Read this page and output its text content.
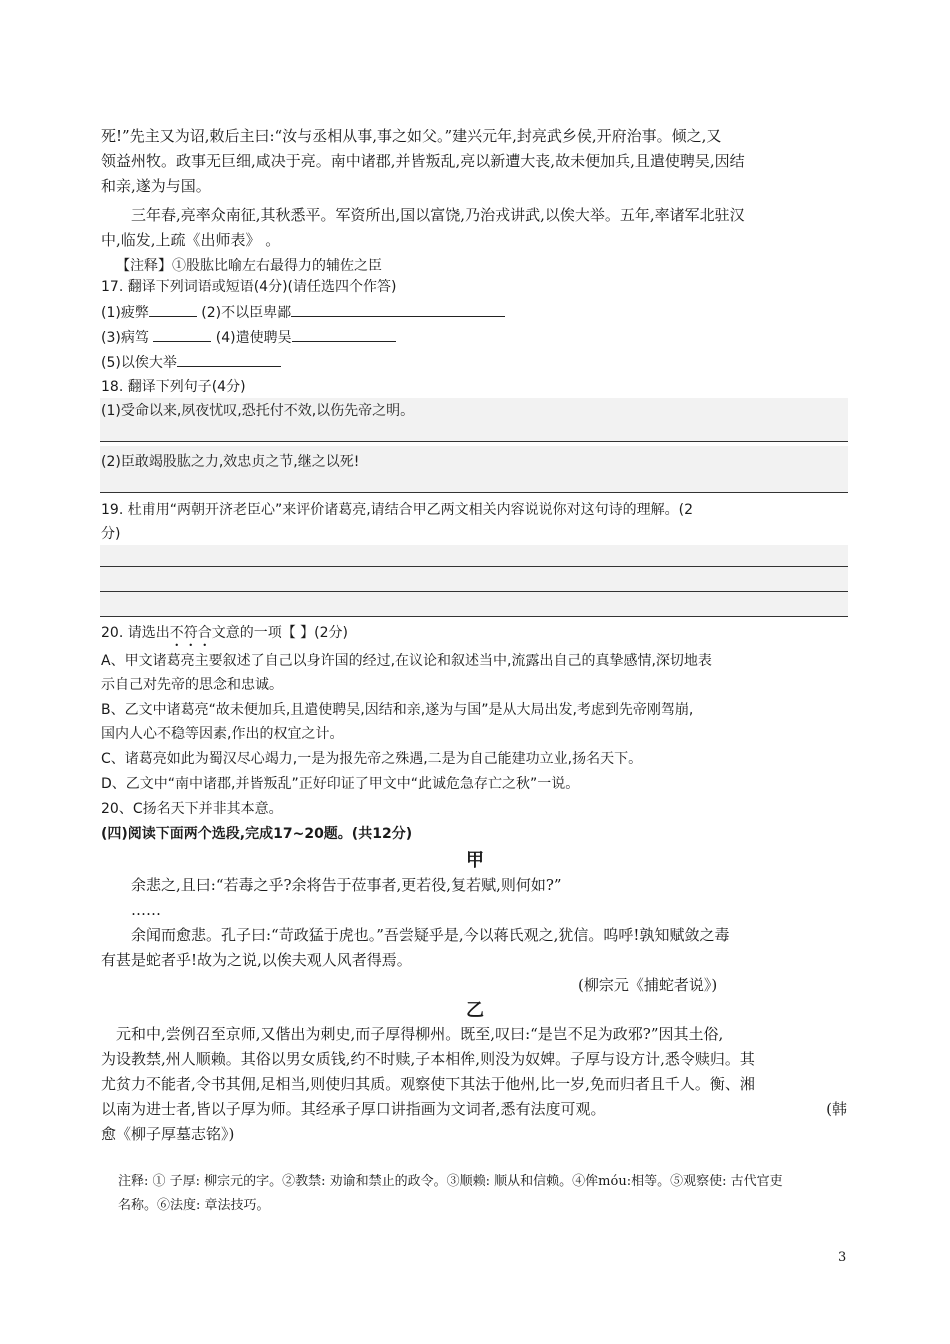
死!”先主又为诏,敕后主曰:“汝与丞相从事,事之如父。”建兴元年,封亮武乡侯,开府治事。倾之,又
领益州牧。政事无巨细,咸决于亮。南中诸郡,并皆叛乱,亮以新遭大丧,故未便加兵,且遣使聘吴,因结
和亲,遂为与国。
三年春,亮率众南征,其秋悉平。军资所出,国以富饶,乃治戎讲武,以俟大举。五年,率诸军北驻汉
中,临发,上疏《出师表》 。
【注释】①股肱比喻左右最得力的辅佐之臣
17. 翻译下列词语或短语(4分)(请任选四个作答)
(1)疲弊	(2)不以臣卑鄙
(3)病笃	(4)遣使聘吴
(5)以俟大举
18. 翻译下列句子(4分)
(1)受命以来,夙夜忧叹,恐托付不效,以伤先帝之明。
(2)臣敢竭股肱之力,效忠贞之节,继之以死!
19. 杜甫用“两朝开济老臣心”来评价诸葛亮,请结合甲乙两文相关内容说说你对这句诗的理解。(2
分)
20. 请选出不符合文意的一项【 】(2分)
A、甲文诸葛亮主要叙述了自己以身许国的经过,在议论和叙述当中,流露出自己的真挚感情,深切地表
示自己对先帝的思念和忠诚。
B、乙文中诸葛亮“故未便加兵,且遣使聘吴,因结和亲,遂为与国”是从大局出发,考虑到先帝刚驾崩,
国内人心不稳等因素,作出的权宜之计。
C、诸葛亮如此为蜀汉尽心竭力,一是为报先帝之殊遇,二是为自己能建功立业,扬名天下。
D、乙文中“南中诸郡,并皆叛乱”正好印证了甲文中“此诚危急存亡之秋”一说。
20、C扬名天下并非其本意。
(四)阅读下面两个选段,完成17~20题。(共12分)
甲
余悲之,且曰:“若毒之乎?余将告于莅事者,更若役,复若赋,则何如?”
……
余闻而愈悲。孔子曰:“苛政猛于虎也。”吾尝疑乎是,今以蒋氏观之,犹信。呜呼!孰知赋敛之毒
有甚是蛇者乎!故为之说,以俟夫观人风者得焉。
(柳宗元《捕蛇者说》)
乙
元和中,尝例召至京师,又偕出为刺史,而子厚得柳州。既至,叹曰:“是岂不足为政邪?”因其土俗,
为设教禁,州人顺赖。其俗以男女质钱,约不时赎,子本相侔,则没为奴婢。子厚与设方计,悉令赎归。其
尤贫力不能者,令书其佣,足相当,则使归其质。观察使下其法于他州,比一岁,免而归者且千人。衡、湘
以南为进士者,皆以子厚为师。其经承子厚口讲指画为文词者,悉有法度可观。	(韩
愈《柳子厚墓志铭》)
注释: ① 子厚: 柳宗元的字。②教禁: 劝谕和禁止的政令。③顺赖: 顺从和信赖。④侔móu:相等。⑤观察使: 古代官吏
名称。⑥法度: 章法技巧。
3
